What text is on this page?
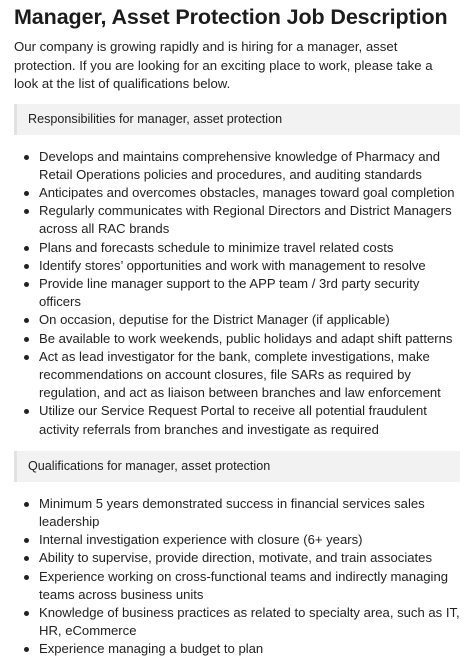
Manager, Asset Protection Job Description

Our company is growing rapidly and is hiring for a manager, asset protection. If you are looking for an exciting place to work, please take a look at the list of qualifications below.

Responsibilities for manager, asset protection
Develops and maintains comprehensive knowledge of Pharmacy and Retail Operations policies and procedures, and auditing standards
Anticipates and overcomes obstacles, manages toward goal completion
Regularly communicates with Regional Directors and District Managers across all RAC brands
Plans and forecasts schedule to minimize travel related costs
Identify stores’ opportunities and work with management to resolve
Provide line manager support to the APP team / 3rd party security officers
On occasion, deputise for the District Manager (if applicable)
Be available to work weekends, public holidays and adapt shift patterns
Act as lead investigator for the bank, complete investigations, make recommendations on account closures, file SARs as required by regulation, and act as liaison between branches and law enforcement
Utilize our Service Request Portal to receive all potential fraudulent activity referrals from branches and investigate as required
Qualifications for manager, asset protection
Minimum 5 years demonstrated success in financial services sales leadership
Internal investigation experience with closure (6+ years)
Ability to supervise, provide direction, motivate, and train associates
Experience working on cross-functional teams and indirectly managing teams across business units
Knowledge of business practices as related to specialty area, such as IT, HR, eCommerce
Experience managing a budget to plan
